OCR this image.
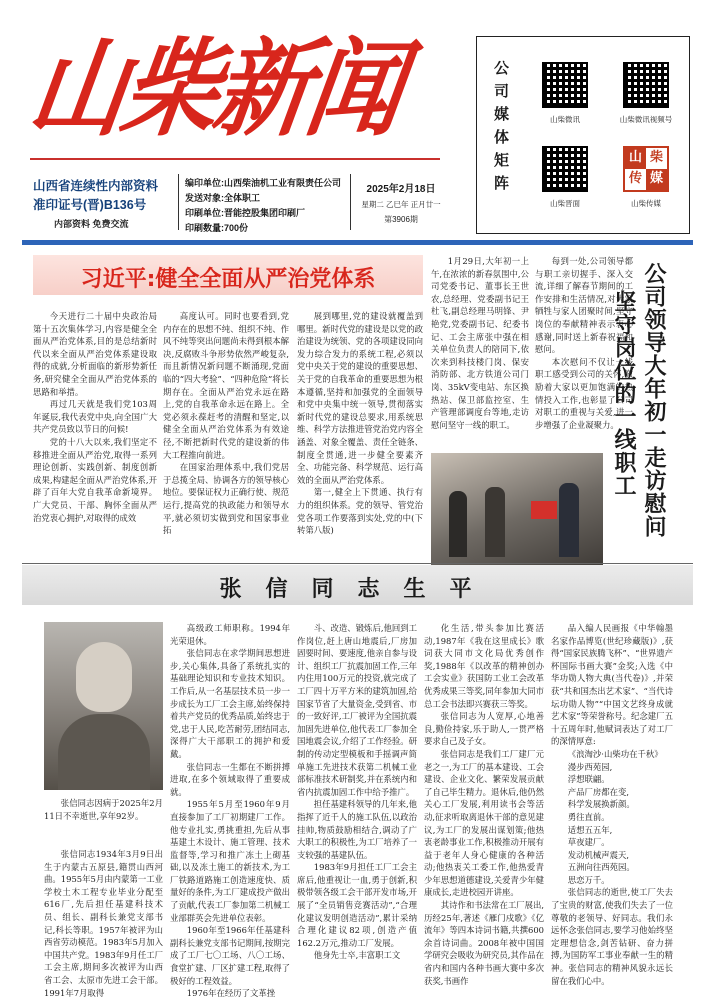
山柴新闻
山西省连续性内部资料
准印证号(晋)B136号
内部资料 免费交流
编印单位:山西柴油机工业有限责任公司
发送对象:全体职工
印刷单位:晋能控股集团印刷厂
印刷数量:700份
2025年2月18日
星期二 乙巳年 正月廿一
第3906期
公司媒体矩阵	山柴微讯	山柴微讯视频号
山柴晋面
山 柴
传 媒
山柴传媒
习近平:健全全面从严治党体系

今天进行二十届中央政治局第十五次集体学习,内容是健全全面从严治党体系,目的是总结新时代以来全面从严治党体系建设取得的成就,分析面临的新形势新任务,研究健全全面从严治党体系的思路和举措。

再过几天就是我们党103周年诞辰,我代表党中央,向全国广大共产党员致以节日的问候!

党的十八大以来,我们坚定不移推进全面从严治党,取得一系列理论创新、实践创新、制度创新成果,构建起全面从严治党体系,开辟了百年大党自我革命新境界。广大党员、干部、胸怀全面从严治党衷心拥护,对取得的成效

高度认可。同时也要看到,党内存在的思想不纯、组织不纯、作风不纯等突出问题尚未得到根本解决,反腐败斗争形势依然严峻复杂,而且新情况新问题不断涌现,党面临的“四大考验”、“四种危险”将长期存在。全面从严治党永远在路上,党的自我革命永远在路上。全党必须永葆赶考的清醒和坚定,以健全全面从严治党体系为有效途径,不断把新时代党的建设新的伟大工程推向前进。

在国家治理体系中,我们党居于总揽全局、协调各方的领导核心地位。要保证权力正确行使、规范运行,提高党的执政能力和领导水平,就必须切实做到党和国家事业拓

展到哪里,党的建设就覆盖到哪里。新时代党的建设是以党的政治建设为统领、党的各项建设同向发力综合发力的系统工程,必须以党中央关于党的建设的重要思想、关于党的自我革命的重要思想为根本遵循,坚持和加强党的全面领导和党中央集中统一领导,贯彻落实新时代党的建设总要求,用系统思维、科学方法推进管党治党内容全涵盖、对象全覆盖、责任全链条、制度全贯通,进一步健全要素齐全、功能完备、科学规范、运行高效的全面从严治党体系。

第一,健全上下贯通、执行有力的组织体系。党的领导、管党治党各项工作要落到实处,党的中(下转第八版)

1月29日,大年初一上午,在浓浓的新春氛围中,公司党委书记、董事长王世农,总经理、党委副书记王杜飞,副总经理马明锋、尹艳党,党委副书记、纪委书记、工会主席张中强在相关单位负责人的陪同下,依次来到科技楼门岗、保安消防部、北方铁道公司门岗、35kV变电站、东区换热站、保卫部监控室、生产管理部调度台等地,走访慰问坚守一线的职工。

每到一处,公司领导都与职工亲切握手、深入交流,详细了解春节期间的工作安排和生活情况,对大家牺牲与家人团聚时间,坚守岗位的奉献精神表示衷心感谢,同时送上新春祝福和慰问。

本次慰问不仅让一线职工感受到公司的关怀,激励着大家以更加饱满的热情投入工作,也彰显了公司对职工的重视与关爱,进一步增强了企业凝聚力。	公司领导大年初一走访慰问
坚守岗位的一线职工
张信同志生平
张信同志因病于2025年2月11日不幸逝世,享年92岁。
张信同志1934年3月9日出生于内蒙古五原县,籍贯山西河曲。1955年5月由内蒙第一工业学校土木工程专业毕业分配至616厂,先后担任基建科技术员、组长、副科长兼党支部书记,科长等职。1957年被评为山西省劳动模范。1983年5月加入中国共产党。1983年9月任工厂工会主席,期间多次被评为山西省工会、太原市先进工会干部。1991年7月取得

高级政工师职称。1994年光荣退休。

张信同志在求学期间思想进步,关心集体,具备了系统扎实的基础理论知识和专业技术知识。工作后,从一名基层技术员一步一步成长为工厂工会主席,始终保持着共产党员的优秀品质,始终忠于党,忠于人民,吃苦耐劳,团结同志,深得广大干部职工的拥护和爱戴。

张信同志一生都在不断拼搏进取,在多个领域取得了重要成就。

1955年5月至1960年9月直接参加了工厂初期建厂工作。他专业扎实,勇挑重担,先后从事基建土木设计、施工管理、技术监督等,学习和推广冻土上砌基础,以及冻土施工的新技术,为工厂铁路道路施工创造速度快、质量好的条件,为工厂建成投产做出了贡献,代表工厂参加第二机械工业部群英会先进单位表彰。

1960年至1966年任基建科副科长兼党支部书记期间,按期完成了工厂七〇工场、八〇工场、食堂扩建、厂区扩建工程,取得了极好的工程效益。

1976年在经历了文革挫

斗、改造、锻炼后,他回到工作岗位,赶上唐山地震后,厂房加固要时间、要速度,他亲自参与设计、组织工厂抗震加固工作,三年内住用100万元的投资,就完成了工厂四十万平方米的建筑加固,给国家节省了大量资金,受到省、市的一致好评,工厂被评为全国抗震加固先进单位,他代表工厂参加全国地震会议,介绍了工作经验。研制的传动定型模板和手摇调声简单施工先进技术获第二机械工业部标准技术研制奖,并在系统内和省内抗震加固工作中给予推广。

担任基建科领导的几年来,他指挥了近千人的施工队伍,以政治挂帅,物质鼓励相结合,调动了广大职工的积极性,为工厂培养了一支较强的基建队伍。

1983年9月担任工厂工会主席后,他重视让一血,勇于创新,积极带领各级工会干部开发市场,开展了“全员销售竞赛活动”,“合理化建议发明创造活动”,累计采纳合理化建议82项,创造产值162.2万元,推动工厂发展。

他身先士卒,丰富职工文

化生活,带头参加比赛活动,1987年《我在这里成长》歌词获大同市文化局优秀创作奖,1988年《以改革的精神创办工会实业》获国防工业工会改革优秀成果三等奖,同年参加大同市总工会书法即兴赛获三等奖。

张信同志为人宽厚,心地善良,勤俭持家,乐于助人,一贯严格要求自己及子女。

张信同志是我们工厂建厂元老之一,为工厂的基本建设、工会建设、企业文化、繁荣发展贡献了自己毕生精力。退休后,他仍然关心工厂发展,利用读书会等活动,征求听取离退休干部的意见建议,为工厂的发展出谋划策;他热衷老龄事业工作,积极推动开展有益于老年人身心健康的各种活动;他热衷关工委工作,他热爱青少年思想道德建设,关爱青少年健康成长,走进校园开讲座。

其诗作和书法常在工厂展出,历经25年,著述《雁门戍歌》《亿流年》等四本诗词书籍,共撰600余首诗词曲。2008年被中国国学研究会吸收为研究员,其作品在省内和国内各种书画大赛中多次获奖,书画作

品入编人民画报《中华翰墨名家作品博览(世纪珍藏版)》,获得“国家民族腾飞杯”、“世界遗产杯国际书画大赛”金奖;入选《中华功勋人物大典(当代卷)》,并荣获“共和国杰出艺术家”、“当代诗坛功勋人物”“中国文艺终身成就艺术家”等荣誉称号。纪念建厂五十五周年时,他赋词表达了对工厂的深情厚意:

《浪淘沙·山柴功在千秋》

漫步西苑园,

浮想联翩。

产品厂房都在变,

科学发展换新颜。

勇往直前。

适想五五年,

草夜建厂。

发动机械声震天,

五洲向往西苑园。

思恋万千。

张信同志的逝世,使工厂失去了宝贵的财富,使我们失去了一位尊敬的老领导、好同志。我们永远怀念张信同志,要学习他始终坚定理想信念,剑苦钻研、奋力拼搏,为国防军工事业奉献一生的精神。张信同志的精神风貌永远长留在我们心中。
